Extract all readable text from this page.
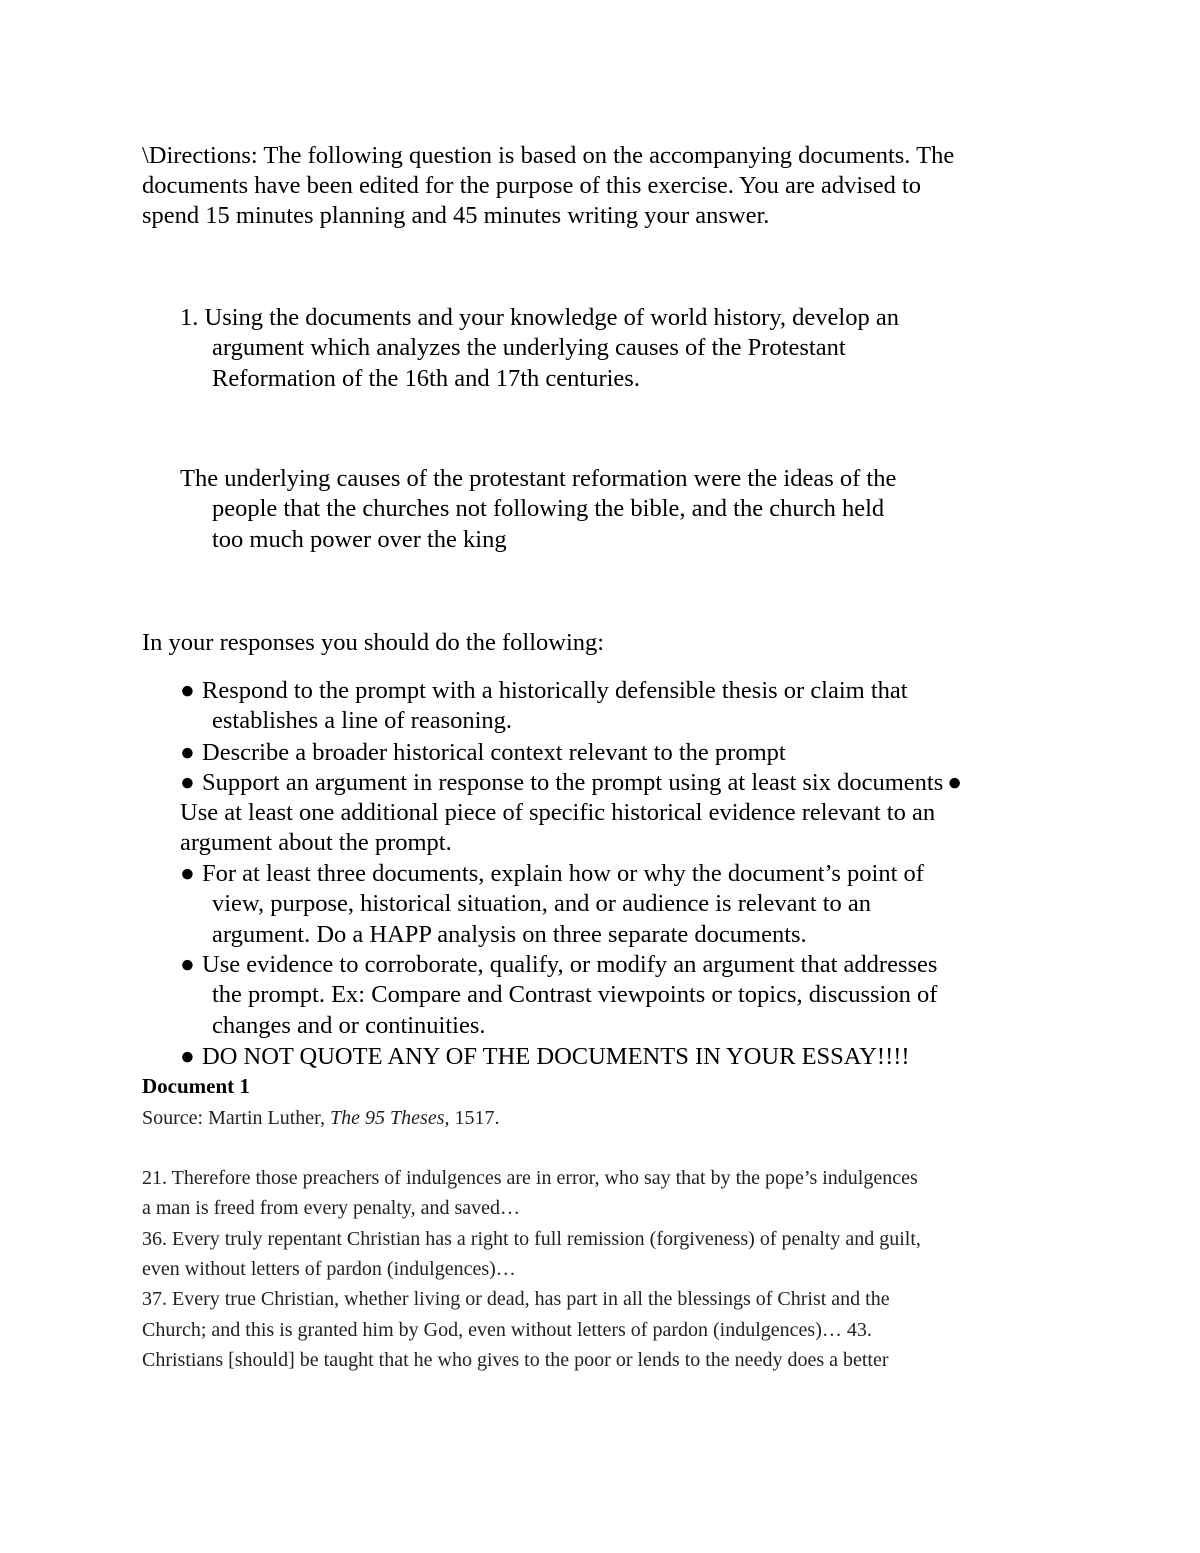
\Directions: The following question is based on the accompanying documents. The
documents have been edited for the purpose of this exercise. You are advised to
spend 15 minutes planning and 45 minutes writing your answer.
1. Using the documents and your knowledge of world history, develop an
argument which analyzes the underlying causes of the Protestant
Reformation of the 16th and 17th centuries.
The underlying causes of the protestant reformation were the ideas of the
people that the churches not following the bible, and the church held
too much power over the king
In your responses you should do the following:
● Respond to the prompt with a historically defensible thesis or claim that
establishes a line of reasoning.
● Describe a broader historical context relevant to the prompt
● Support an argument in response to the prompt using at least six documents ●
Use at least one additional piece of specific historical evidence relevant to an
argument about the prompt.
● For at least three documents, explain how or why the document’s point of
view, purpose, historical situation, and or audience is relevant to an
argument. Do a HAPP analysis on three separate documents.
● Use evidence to corroborate, qualify, or modify an argument that addresses
the prompt. Ex: Compare and Contrast viewpoints or topics, discussion of
changes and or continuities.
● DO NOT QUOTE ANY OF THE DOCUMENTS IN YOUR ESSAY!!!!
Document 1
Source: Martin Luther, The 95 Theses, 1517.
21. Therefore those preachers of indulgences are in error, who say that by the pope’s indulgences
a man is freed from every penalty, and saved…
36. Every truly repentant Christian has a right to full remission (forgiveness) of penalty and guilt,
even without letters of pardon (indulgences)…
37. Every true Christian, whether living or dead, has part in all the blessings of Christ and the
Church; and this is granted him by God, even without letters of pardon (indulgences)… 43.
Christians [should] be taught that he who gives to the poor or lends to the needy does a better
